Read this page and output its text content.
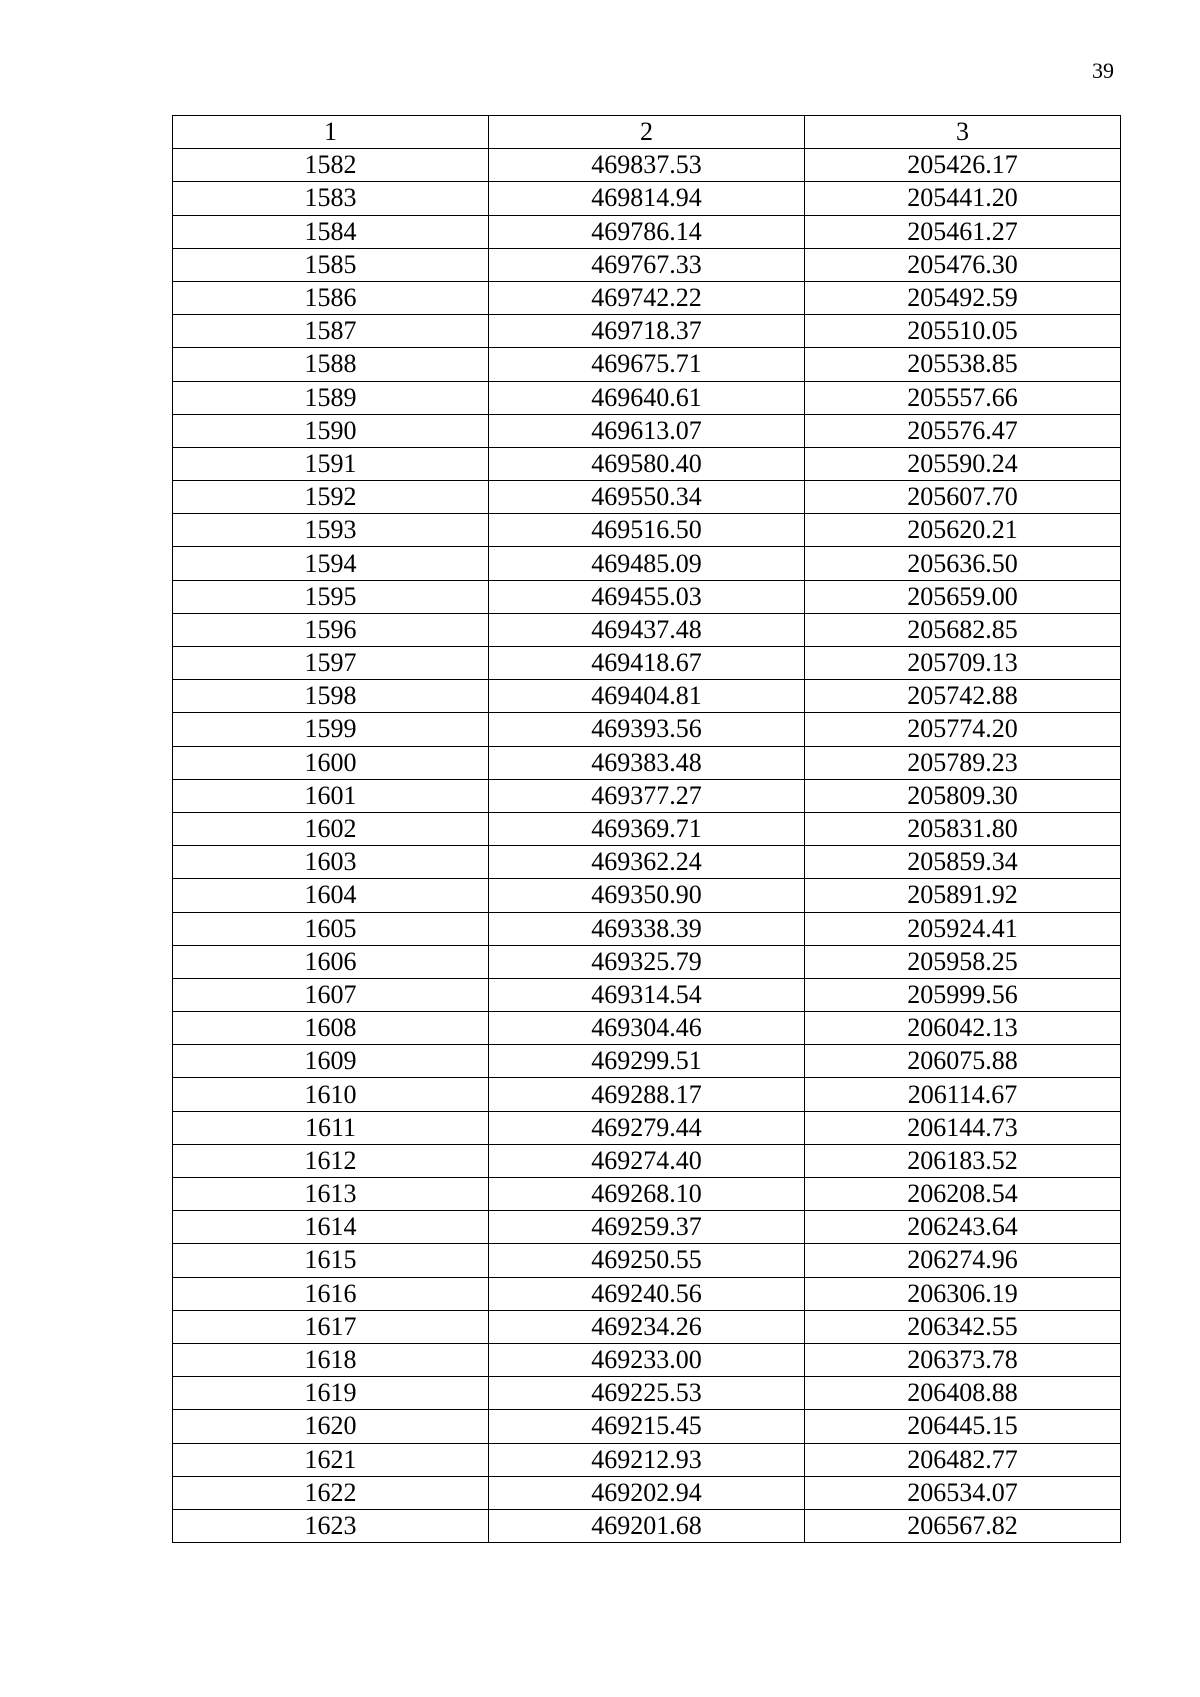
39
1	2	3
1582	469837.53	205426.17
1583	469814.94	205441.20
1584	469786.14	205461.27
1585	469767.33	205476.30
1586	469742.22	205492.59
1587	469718.37	205510.05
1588	469675.71	205538.85
1589	469640.61	205557.66
1590	469613.07	205576.47
1591	469580.40	205590.24
1592	469550.34	205607.70
1593	469516.50	205620.21
1594	469485.09	205636.50
1595	469455.03	205659.00
1596	469437.48	205682.85
1597	469418.67	205709.13
1598	469404.81	205742.88
1599	469393.56	205774.20
1600	469383.48	205789.23
1601	469377.27	205809.30
1602	469369.71	205831.80
1603	469362.24	205859.34
1604	469350.90	205891.92
1605	469338.39	205924.41
1606	469325.79	205958.25
1607	469314.54	205999.56
1608	469304.46	206042.13
1609	469299.51	206075.88
1610	469288.17	206114.67
1611	469279.44	206144.73
1612	469274.40	206183.52
1613	469268.10	206208.54
1614	469259.37	206243.64
1615	469250.55	206274.96
1616	469240.56	206306.19
1617	469234.26	206342.55
1618	469233.00	206373.78
1619	469225.53	206408.88
1620	469215.45	206445.15
1621	469212.93	206482.77
1622	469202.94	206534.07
1623	469201.68	206567.82
